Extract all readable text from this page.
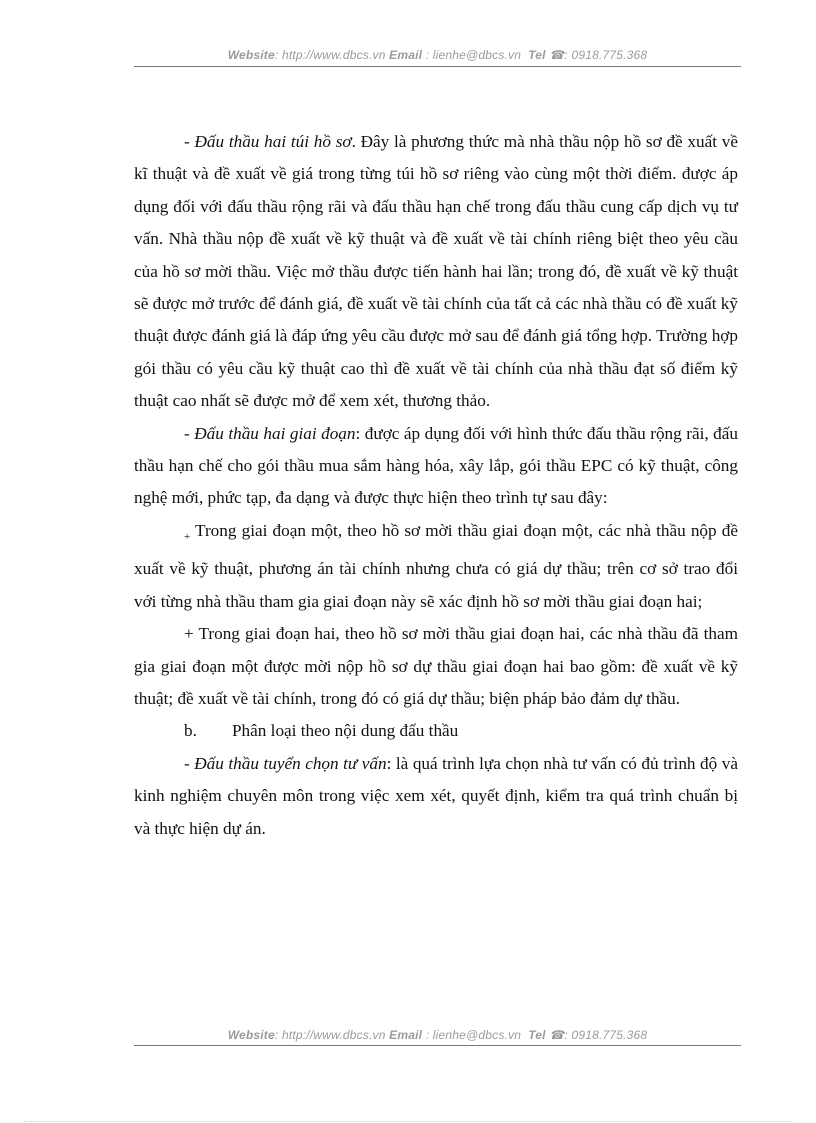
Website: http://www.dbcs.vn Email : lienhe@dbcs.vn Tel ☎: 0918.775.368

- Đấu thầu hai túi hồ sơ. Đây là phương thức mà nhà thầu nộp hồ sơ đề xuất về kĩ thuật và đề xuất về giá trong từng túi hồ sơ riêng vào cùng một thời điểm. được áp dụng đối với đấu thầu rộng rãi và đấu thầu hạn chế trong đấu thầu cung cấp dịch vụ tư vấn. Nhà thầu nộp đề xuất về kỹ thuật và đề xuất về tài chính riêng biệt theo yêu cầu của hồ sơ mời thầu. Việc mở thầu được tiến hành hai lần; trong đó, đề xuất về kỹ thuật sẽ được mở trước để đánh giá, đề xuất về tài chính của tất cả các nhà thầu có đề xuất kỹ thuật được đánh giá là đáp ứng yêu cầu được mở sau để đánh giá tổng hợp. Trường hợp gói thầu có yêu cầu kỹ thuật cao thì đề xuất về tài chính của nhà thầu đạt số điểm kỹ thuật cao nhất sẽ được mở để xem xét, thương thảo.

- Đấu thầu hai giai đoạn: được áp dụng đối với hình thức đấu thầu rộng rãi, đấu thầu hạn chế cho gói thầu mua sắm hàng hóa, xây lắp, gói thầu EPC có kỹ thuật, công nghệ mới, phức tạp, đa dạng và được thực hiện theo trình tự sau đây:

$_+$ Trong giai đoạn một, theo hồ sơ mời thầu giai đoạn một, các nhà thầu nộp đề xuất về kỹ thuật, phương án tài chính nhưng chưa có giá dự thầu; trên cơ sở trao đổi với từng nhà thầu tham gia giai đoạn này sẽ xác định hồ sơ mời thầu giai đoạn hai;

+ Trong giai đoạn hai, theo hồ sơ mời thầu giai đoạn hai, các nhà thầu đã tham gia giai đoạn một được mời nộp hồ sơ dự thầu giai đoạn hai bao gồm: đề xuất về kỹ thuật; đề xuất về tài chính, trong đó có giá dự thầu; biện pháp bảo đảm dự thầu.

b. Phân loại theo nội dung đấu thầu

- Đấu thầu tuyển chọn tư vấn: là quá trình lựa chọn nhà tư vấn có đủ trình độ và kinh nghiệm chuyên môn trong việc xem xét, quyết định, kiểm tra quá trình chuẩn bị và thực hiện dự án.

Website: http://www.dbcs.vn Email : lienhe@dbcs.vn Tel ☎: 0918.775.368
